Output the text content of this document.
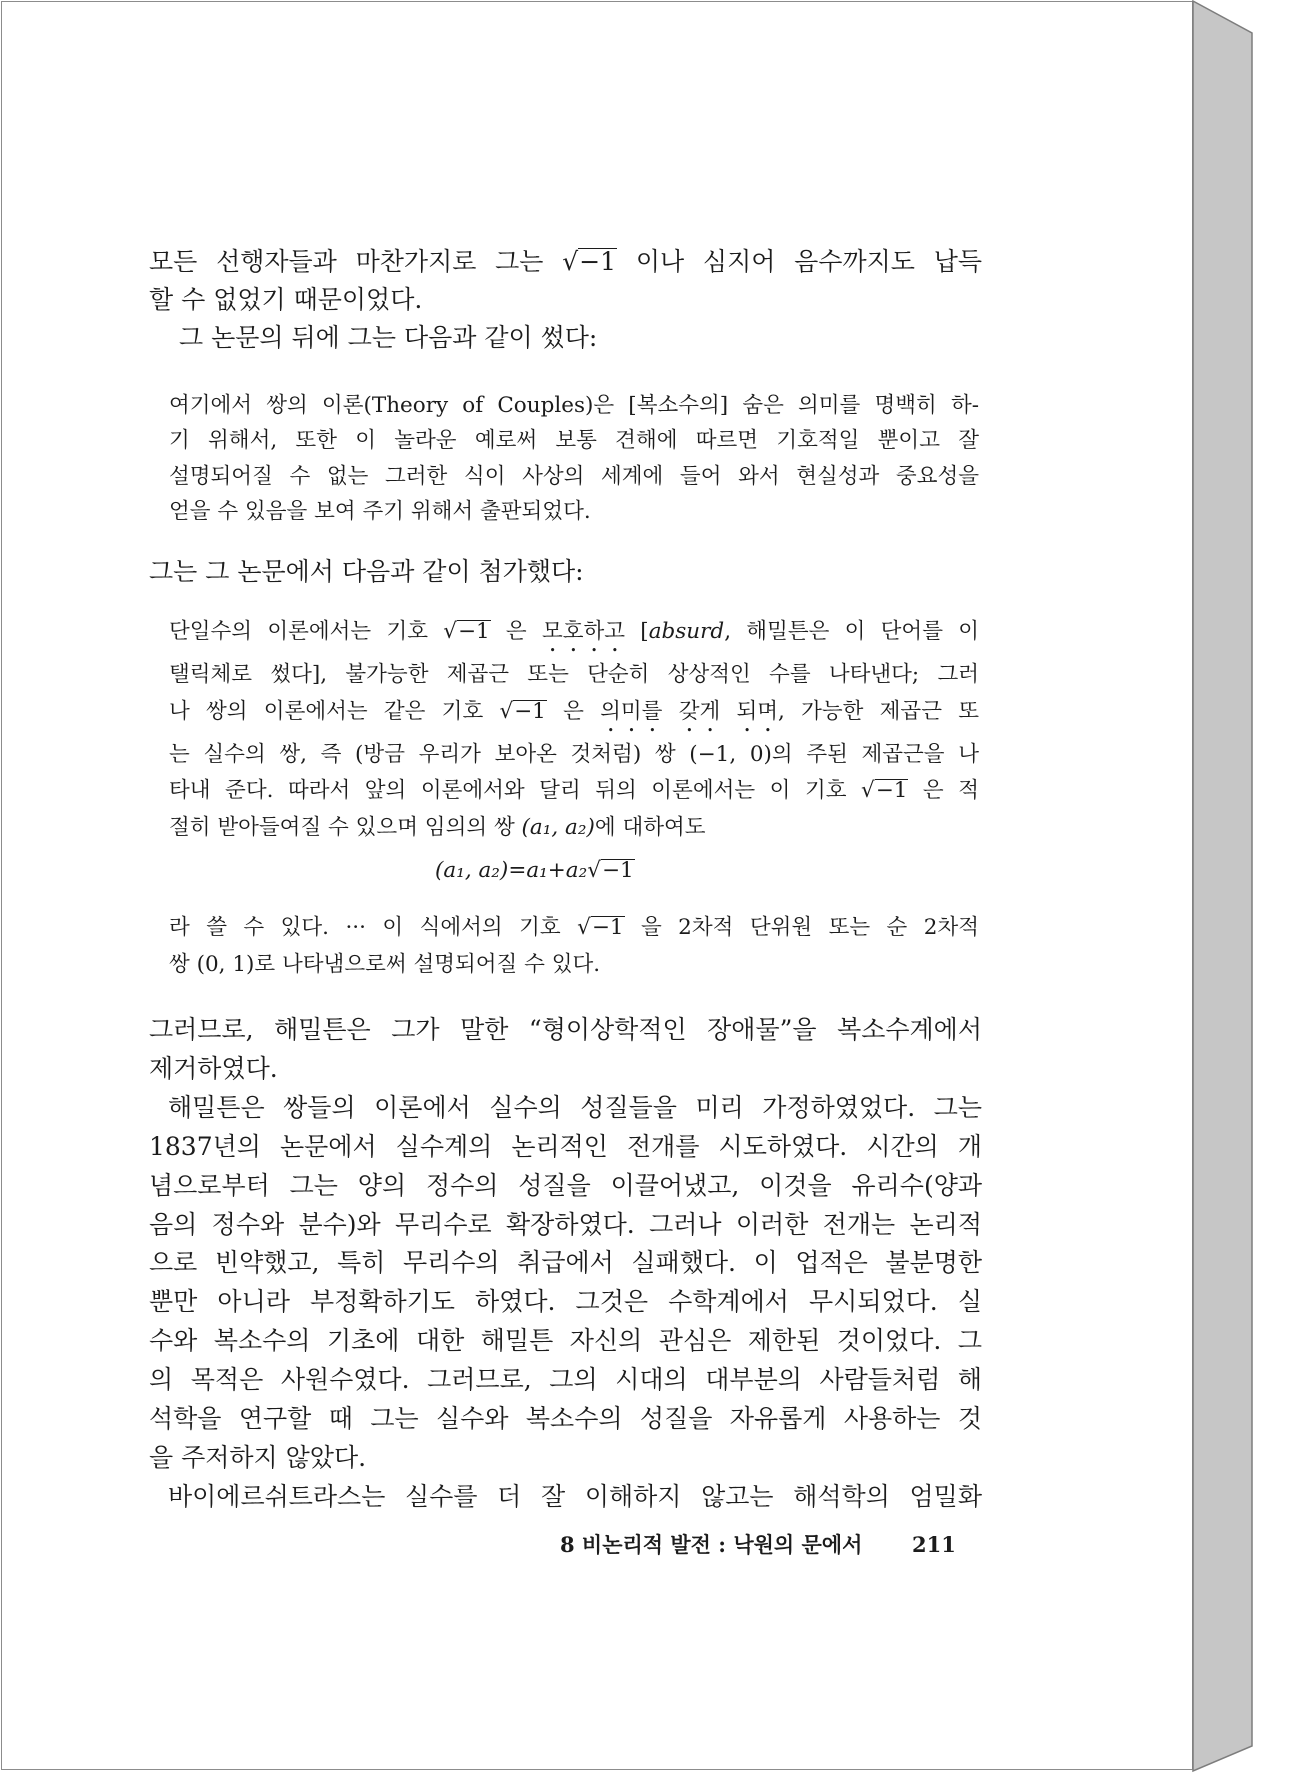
모든 선행자들과 마찬가지로 그는 √−1 이나 심지어 음수까지도 납득
할 수 없었기 때문이었다.
그 논문의 뒤에 그는 다음과 같이 썼다:
여기에서 쌍의 이론(Theory of Couples)은 [복소수의] 숨은 의미를 명백히 하-
기 위해서, 또한 이 놀라운 예로써 보통 견해에 따르면 기호적일 뿐이고 잘
설명되어질 수 없는 그러한 식이 사상의 세계에 들어 와서 현실성과 중요성을
얻을 수 있음을 보여 주기 위해서 출판되었다.
그는 그 논문에서 다음과 같이 첨가했다:
단일수의 이론에서는 기호 √−1 은 모호하고 [absurd, 해밀튼은 이 단어를 이
탤릭체로 썼다], 불가능한 제곱근 또는 단순히 상상적인 수를 나타낸다; 그러
나 쌍의 이론에서는 같은 기호 √−1 은 의미를 갖게 되며, 가능한 제곱근 또
는 실수의 쌍, 즉 (방금 우리가 보아온 것처럼) 쌍 (−1, 0)의 주된 제곱근을 나
타내 준다. 따라서 앞의 이론에서와 달리 뒤의 이론에서는 이 기호 √−1 은 적
절히 받아들여질 수 있으며 임의의 쌍 (a₁, a₂)에 대하여도
(a₁, a₂)=a₁+a₂√−1
라 쓸 수 있다. ··· 이 식에서의 기호 √−1 을 2차적 단위원 또는 순 2차적
쌍 (0, 1)로 나타냄으로써 설명되어질 수 있다.
그러므로, 해밀튼은 그가 말한 “형이상학적인 장애물”을 복소수계에서
제거하였다.
해밀튼은 쌍들의 이론에서 실수의 성질들을 미리 가정하였었다. 그는
1837년의 논문에서 실수계의 논리적인 전개를 시도하였다. 시간의 개
념으로부터 그는 양의 정수의 성질을 이끌어냈고, 이것을 유리수(양과
음의 정수와 분수)와 무리수로 확장하였다. 그러나 이러한 전개는 논리적
으로 빈약했고, 특히 무리수의 취급에서 실패했다. 이 업적은 불분명한
뿐만 아니라 부정확하기도 하였다. 그것은 수학계에서 무시되었다. 실
수와 복소수의 기초에 대한 해밀튼 자신의 관심은 제한된 것이었다. 그
의 목적은 사원수였다. 그러므로, 그의 시대의 대부분의 사람들처럼 해
석학을 연구할 때 그는 실수와 복소수의 성질을 자유롭게 사용하는 것
을 주저하지 않았다.
바이에르쉬트라스는 실수를 더 잘 이해하지 않고는 해석학의 엄밀화
8 비논리적 발전 : 낙원의 문에서 211
